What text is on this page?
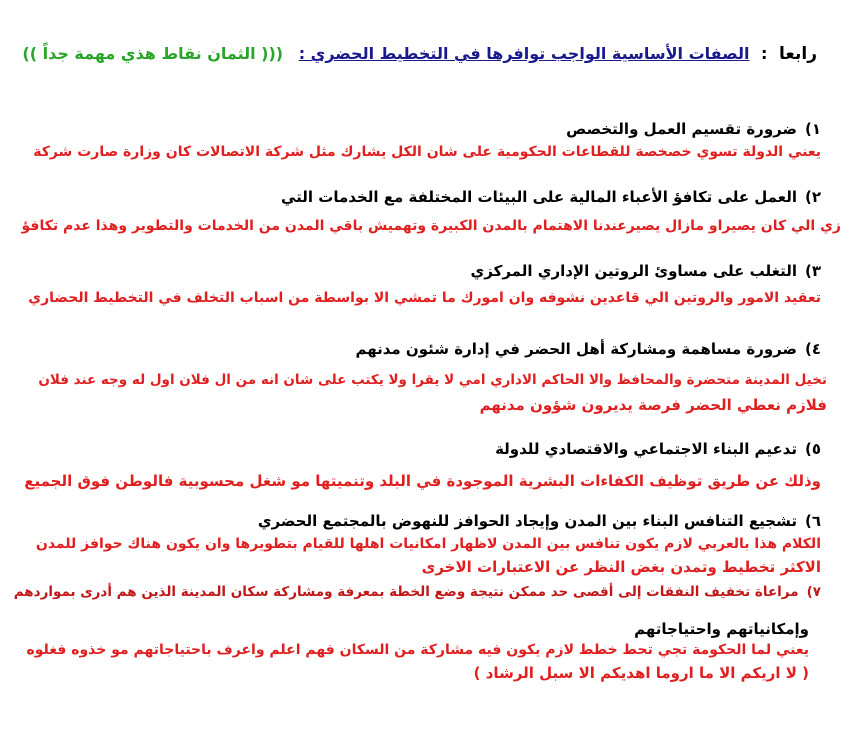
رابعا : الصفات الأساسية الواجب توافرها في التخطيط الحضري : ((( الثمان نقاط هذي مهمة جداً ))
١)ضرورة تقسيم العمل والتخصص
يعني الدولة تسوي خصخصة للقطاعات الحكومية على شان الكل يشارك مثل شركة الاتصالات كان وزارة صارت شركة
٢)العمل على تكافؤ الأعباء المالية على البيئات المختلفة مع الخدمات التي
زي الي كان يصيراو مازال يصيرعندنا الاهتمام بالمدن الكبيرة وتهميش باقي المدن من الخدمات والتطوير وهذا عدم تكافؤ
٣)التغلب على مساوئ الروتين الإداري المركزي
تعقيد الامور والروتين الي قاعدين نشوفه وان امورك ما تمشي الا بواسطة من اسباب التخلف في التخطيط الحضاري
٤)ضرورة مساهمة ومشاركة أهل الحضر في إدارة شئون مدنهم
تخيل المدينة متحضرة والمحافظ والا الحاكم الاداري امي لا يقرا ولا يكتب على شان انه من ال فلان اول له وجه عند فلان
فلازم نعطي الحضر فرصة يديرون شؤون مدنهم
٥)تدعيم البناء الاجتماعي والاقتصادي للدولة
وذلك عن طريق توظيف الكفاءات البشرية الموجودة في البلد وتنميتها مو شغل محسوبية فالوطن فوق الجميع
٦)تشجيع التنافس البناء بين المدن وإيجاد الحوافز للنهوض بالمجتمع الحضري
الكلام هذا بالعربي لازم يكون تنافس بين المدن لاظهار امكانيات اهلها للقيام بتطويرها وان يكون هناك حوافز للمدن
الاكثر تخطيط وتمدن بغض النظر عن الاعتبارات الاخرى
٧)مراعاة تخفيف النفقات إلى أقصى حد ممكن نتيجة وضع الخطة بمعرفة ومشاركة سكان المدينة الذين هم أدرى بمواردهم
وإمكانياتهم واحتياجاتهم
يعني لما الحكومة تجي تحط خطط لازم يكون فيه مشاركة من السكان فهم اعلم واعرف باحتياجاتهم مو خذوه فغلوه
( لا اريكم الا ما اروما اهديكم الا سبل الرشاد )
